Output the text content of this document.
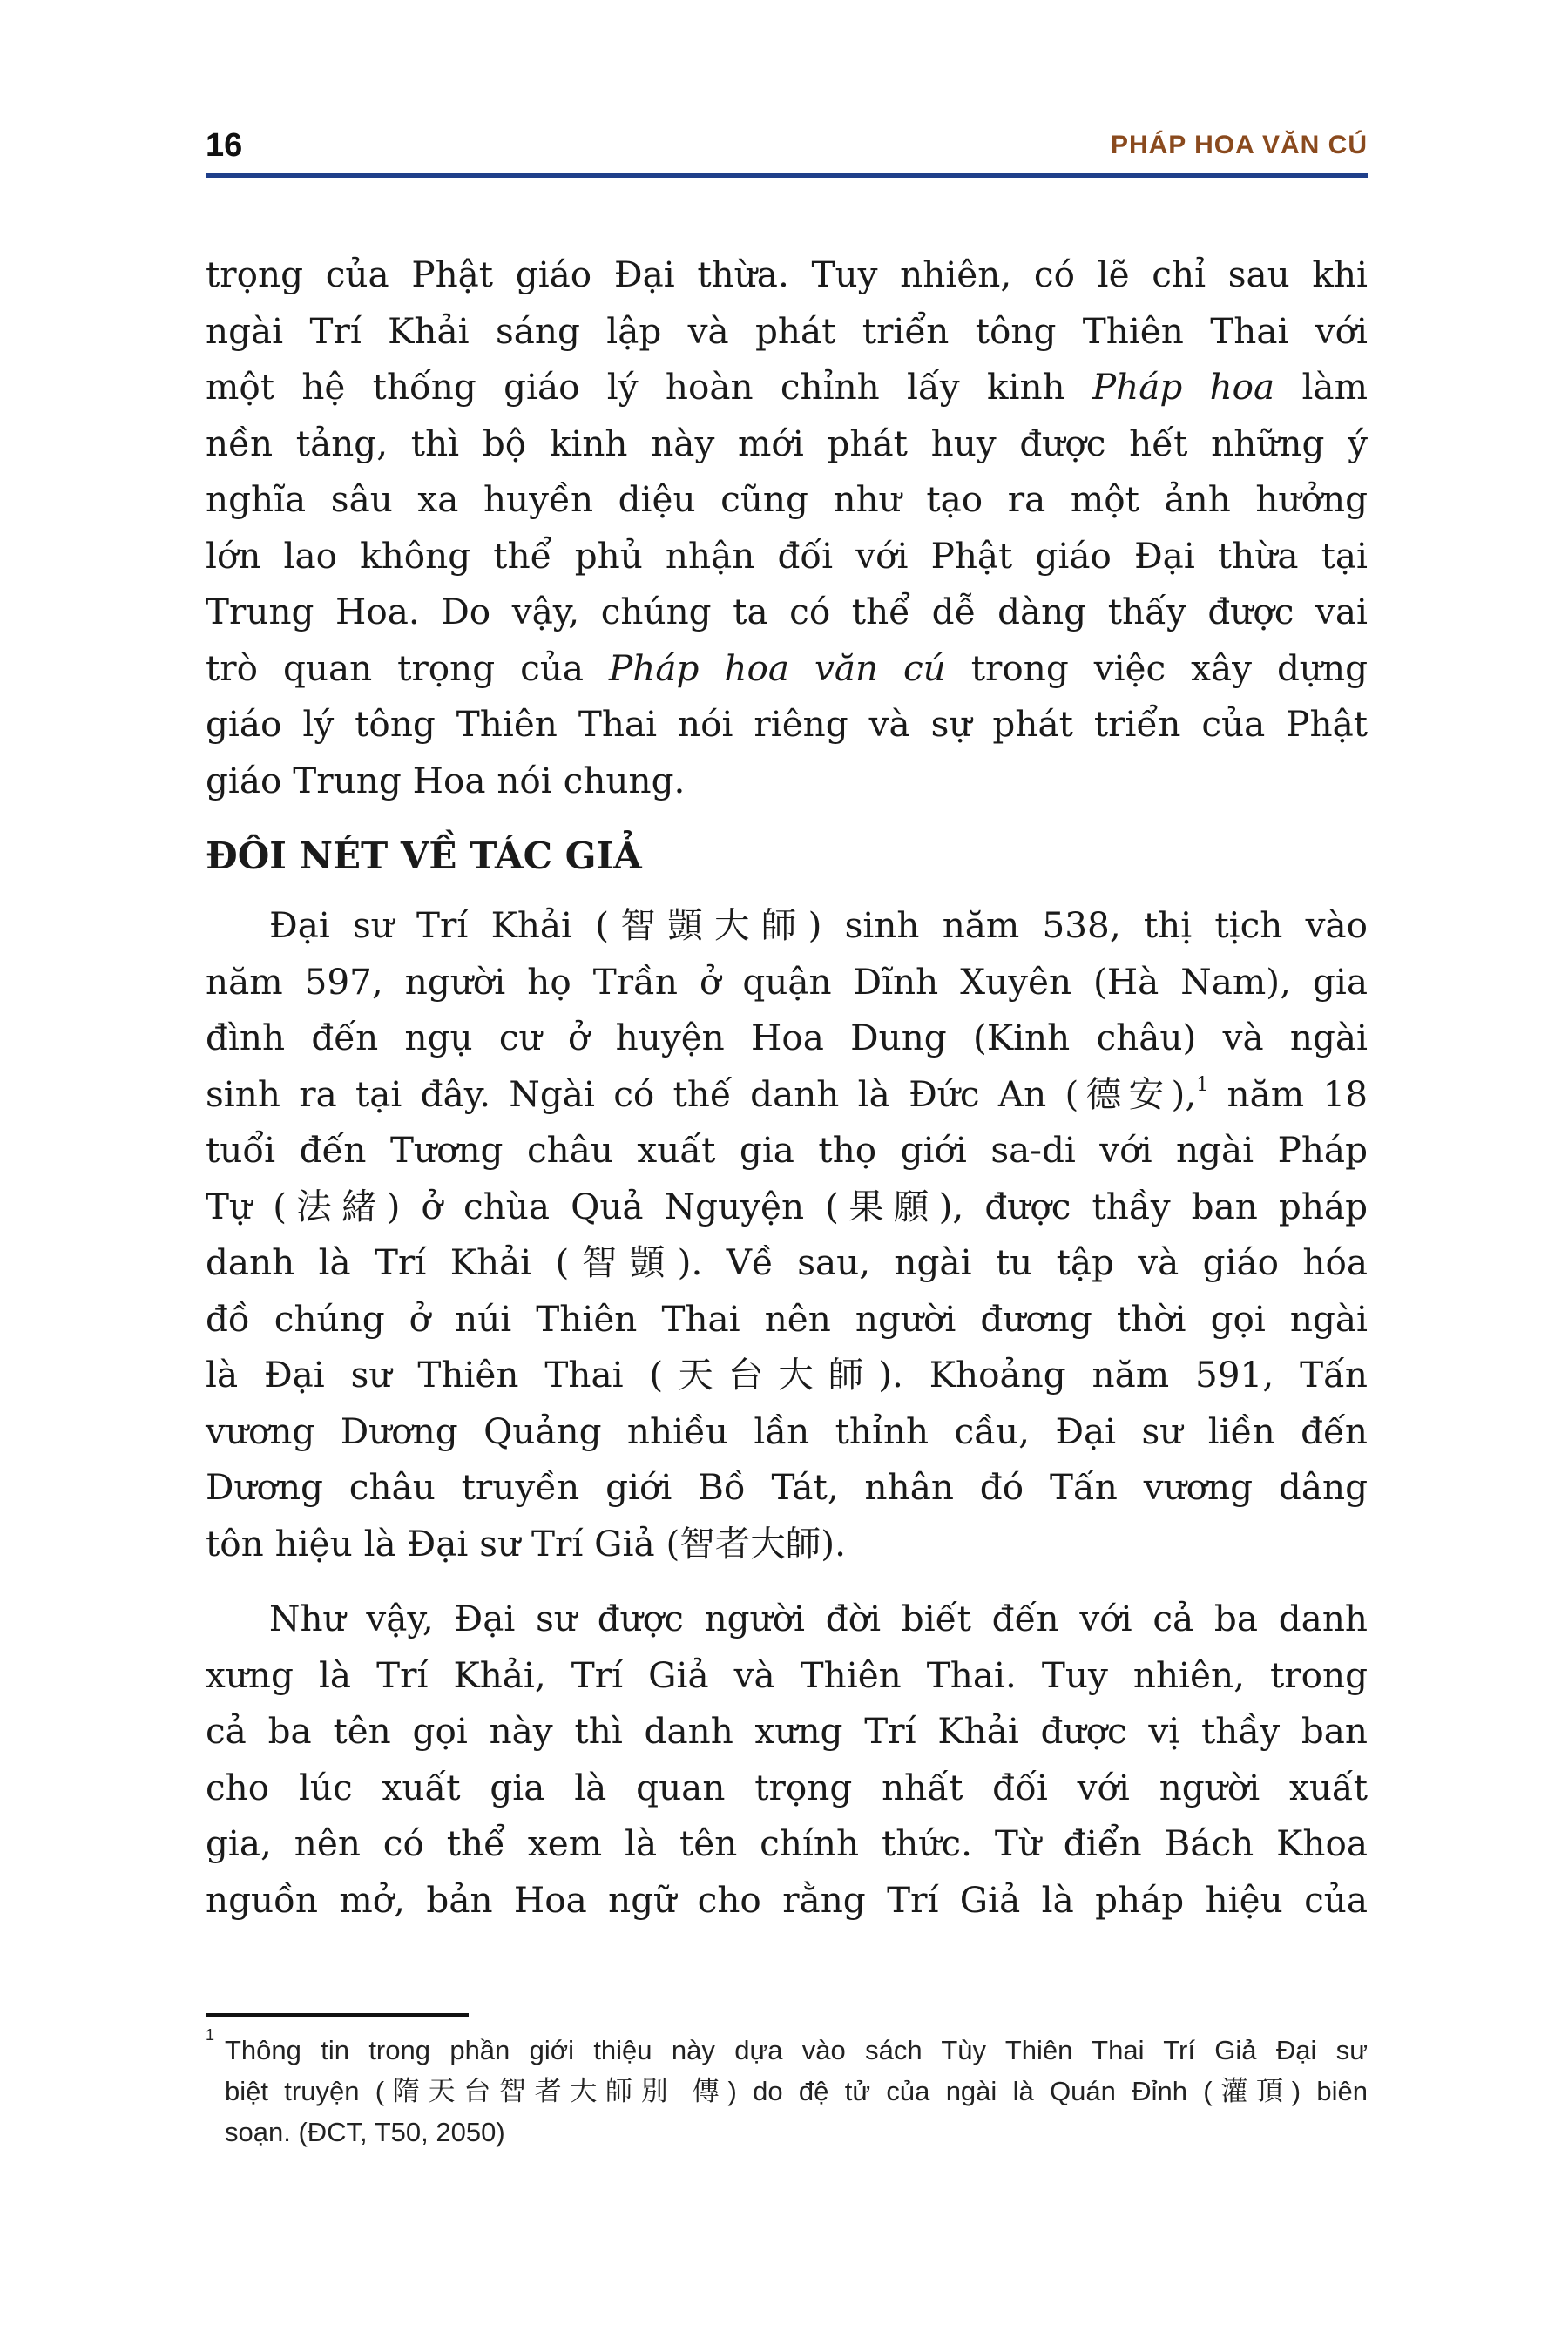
16	PHÁP HOA VĂN CÚ
trọng của Phật giáo Đại thừa. Tuy nhiên, có lẽ chỉ sau khi
ngài Trí Khải sáng lập và phát triển tông Thiên Thai với
một hệ thống giáo lý hoàn chỉnh lấy kinh Pháp hoa làm
nền tảng, thì bộ kinh này mới phát huy được hết những ý
nghĩa sâu xa huyền diệu cũng như tạo ra một ảnh hưởng
lớn lao không thể phủ nhận đối với Phật giáo Đại thừa tại
Trung Hoa. Do vậy, chúng ta có thể dễ dàng thấy được vai
trò quan trọng của Pháp hoa văn cú trong việc xây dựng
giáo lý tông Thiên Thai nói riêng và sự phát triển của Phật
giáo Trung Hoa nói chung.
ĐÔI NÉT VỀ TÁC GIẢ
Đại sư Trí Khải (智顗大師) sinh năm 538, thị tịch vào
năm 597, người họ Trần ở quận Dĩnh Xuyên (Hà Nam), gia
đình đến ngụ cư ở huyện Hoa Dung (Kinh châu) và ngài
sinh ra tại đây. Ngài có thế danh là Đức An (德安),$^1$ năm 18
tuổi đến Tương châu xuất gia thọ giới sa-di với ngài Pháp
Tự (法緒) ở chùa Quả Nguyện (果願), được thầy ban pháp
danh là Trí Khải (智顗). Về sau, ngài tu tập và giáo hóa
đồ chúng ở núi Thiên Thai nên người đương thời gọi ngài
là Đại sư Thiên Thai (天台大師). Khoảng năm 591, Tấn
vương Dương Quảng nhiều lần thỉnh cầu, Đại sư liền đến
Dương châu truyền giới Bồ Tát, nhân đó Tấn vương dâng
tôn hiệu là Đại sư Trí Giả (智者大師).
Như vậy, Đại sư được người đời biết đến với cả ba danh
xưng là Trí Khải, Trí Giả và Thiên Thai. Tuy nhiên, trong
cả ba tên gọi này thì danh xưng Trí Khải được vị thầy ban
cho lúc xuất gia là quan trọng nhất đối với người xuất
gia, nên có thể xem là tên chính thức. Từ điển Bách Khoa
nguồn mở, bản Hoa ngữ cho rằng Trí Giả là pháp hiệu của
1 Thông tin trong phần giới thiệu này dựa vào sách Tùy Thiên Thai Trí Giả Đại sư
biệt truyện (隋天台智者大師別 傳) do đệ tử của ngài là Quán Đỉnh (灌頂) biên
soạn. (ĐCT, T50, 2050)
